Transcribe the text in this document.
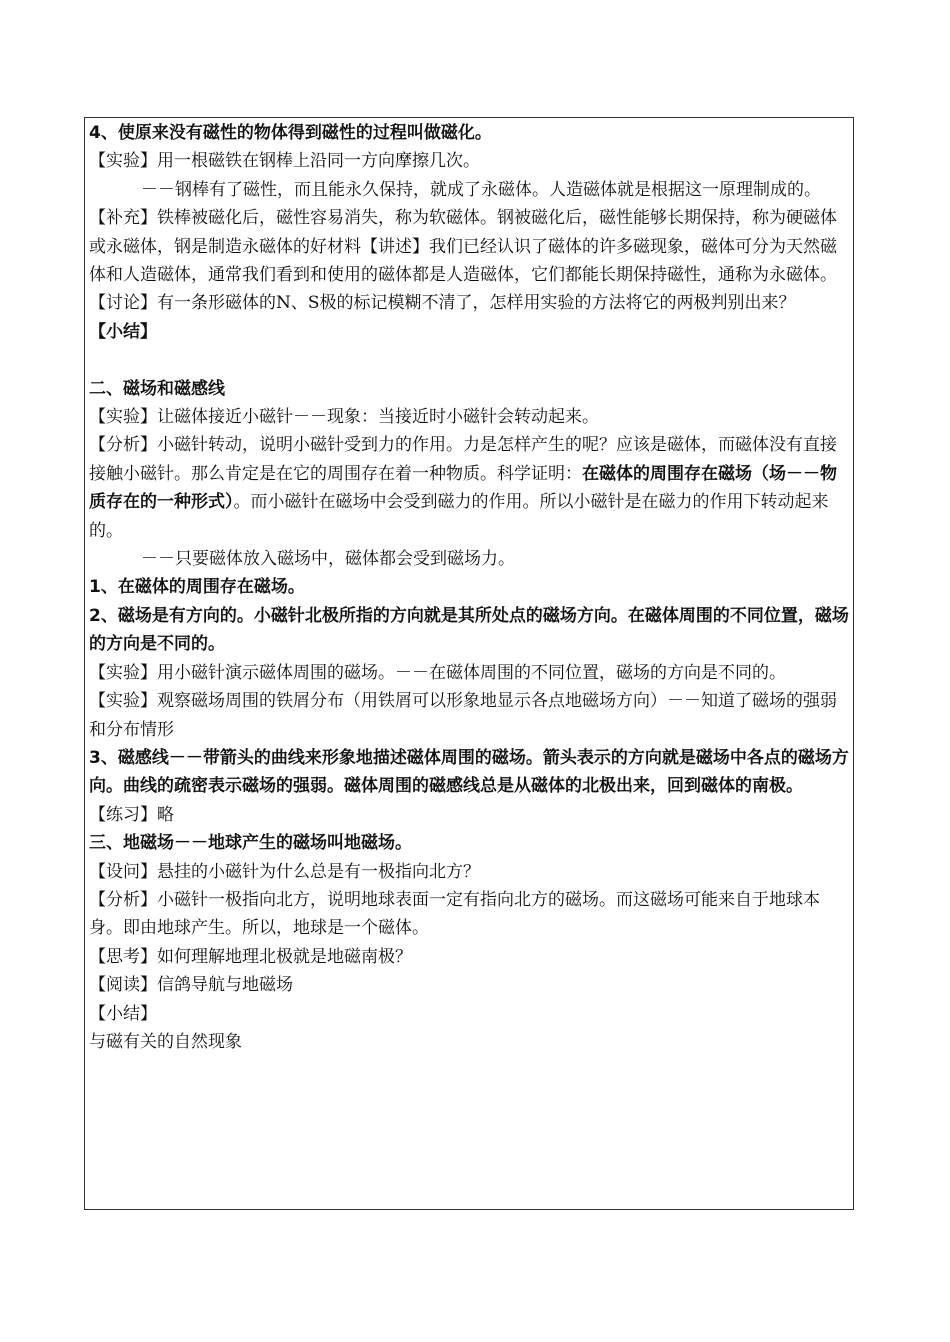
4、使原来没有磁性的物体得到磁性的过程叫做磁化。

【实验】用一根磁铁在钢棒上沿同一方向摩擦几次。

－－钢棒有了磁性，而且能永久保持，就成了永磁体。人造磁体就是根据这一原理制成的。

【补充】铁棒被磁化后，磁性容易消失，称为软磁体。钢被磁化后，磁性能够长期保持，称为硬磁体或永磁体，钢是制造永磁体的好材料【讲述】我们已经认识了磁体的许多磁现象，磁体可分为天然磁体和人造磁体，通常我们看到和使用的磁体都是人造磁体，它们都能长期保持磁性，通称为永磁体。

【讨论】有一条形磁体的N、S极的标记模糊不清了，怎样用实验的方法将它的两极判别出来？

【小结】

二、磁场和磁感线

【实验】让磁体接近小磁针－－现象：当接近时小磁针会转动起来。

【分析】小磁针转动，说明小磁针受到力的作用。力是怎样产生的呢？应该是磁体，而磁体没有直接接触小磁针。那么肯定是在它的周围存在着一种物质。科学证明：在磁体的周围存在磁场（场－－物质存在的一种形式）。而小磁针在磁场中会受到磁力的作用。所以小磁针是在磁力的作用下转动起来的。

－－只要磁体放入磁场中，磁体都会受到磁场力。

1、在磁体的周围存在磁场。

2、磁场是有方向的。小磁针北极所指的方向就是其所处点的磁场方向。在磁体周围的不同位置，磁场的方向是不同的。

【实验】用小磁针演示磁体周围的磁场。－－在磁体周围的不同位置，磁场的方向是不同的。

【实验】观察磁场周围的铁屑分布（用铁屑可以形象地显示各点地磁场方向）－－知道了磁场的强弱和分布情形

3、磁感线－－带箭头的曲线来形象地描述磁体周围的磁场。箭头表示的方向就是磁场中各点的磁场方向。曲线的疏密表示磁场的强弱。磁体周围的磁感线总是从磁体的北极出来，回到磁体的南极。

【练习】略

三、地磁场－－地球产生的磁场叫地磁场。

【设问】悬挂的小磁针为什么总是有一极指向北方？

【分析】小磁针一极指向北方，说明地球表面一定有指向北方的磁场。而这磁场可能来自于地球本身。即由地球产生。所以，地球是一个磁体。

【思考】如何理解地理北极就是地磁南极？

【阅读】信鸽导航与地磁场

【小结】

与磁有关的自然现象
